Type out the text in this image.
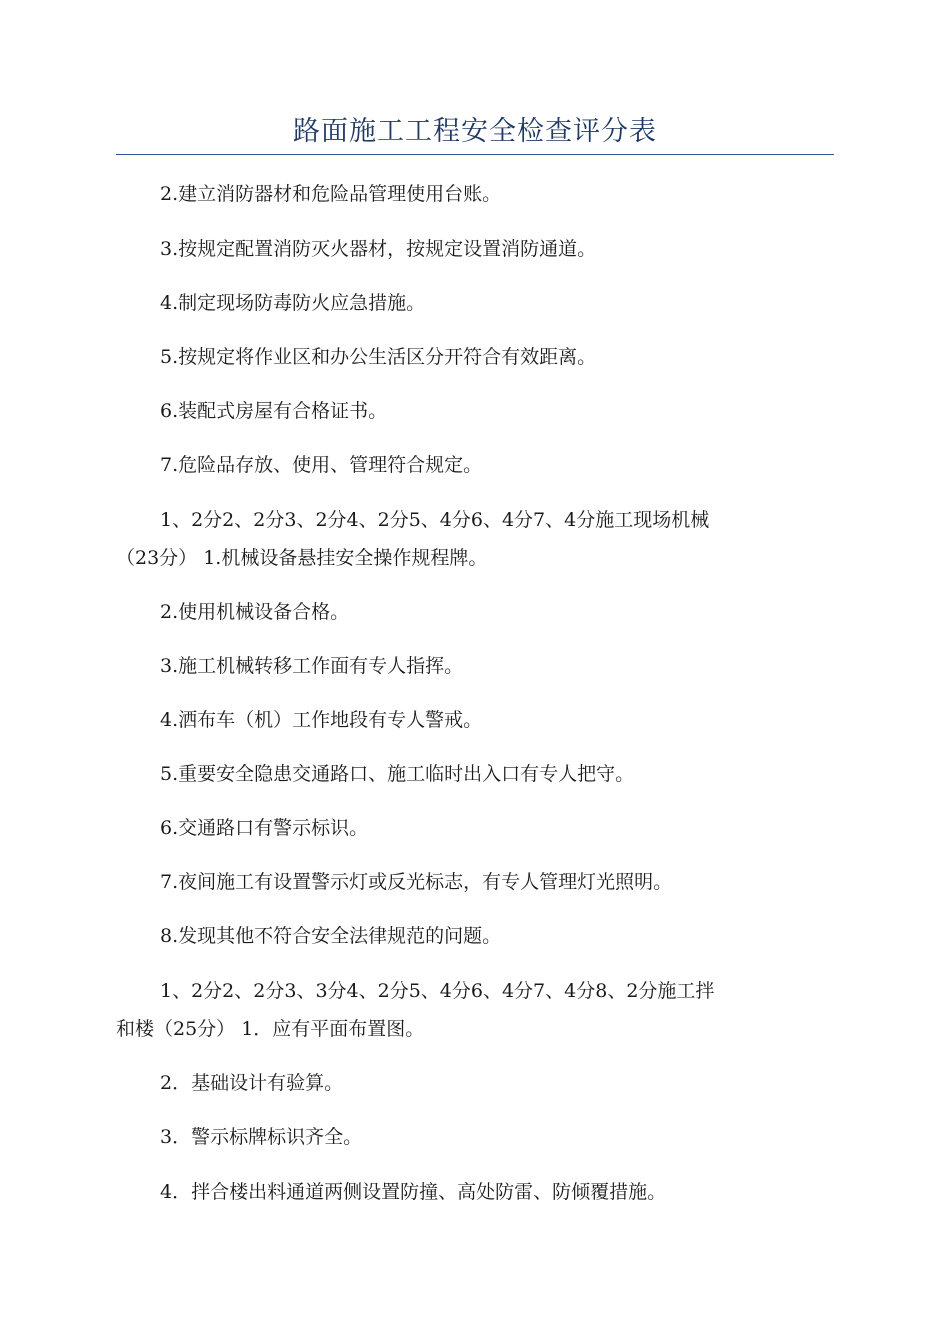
路面施工工程安全检查评分表
2.建立消防器材和危险品管理使用台账。
3.按规定配置消防灭火器材，按规定设置消防通道。
4.制定现场防毒防火应急措施。
5.按规定将作业区和办公生活区分开符合有效距离。
6.装配式房屋有合格证书。
7.危险品存放、使用、管理符合规定。
1、2分2、2分3、2分4、2分5、4分6、4分7、4分施工现场机械
（23分） 1.机械设备悬挂安全操作规程牌。
2.使用机械设备合格。
3.施工机械转移工作面有专人指挥。
4.洒布车（机）工作地段有专人警戒。
5.重要安全隐患交通路口、施工临时出入口有专人把守。
6.交通路口有警示标识。
7.夜间施工有设置警示灯或反光标志，有专人管理灯光照明。
8.发现其他不符合安全法律规范的问题。
1、2分2、2分3、3分4、2分5、4分6、4分7、4分8、2分施工拌
和楼（25分） 1．应有平面布置图。
2．基础设计有验算。
3．警示标牌标识齐全。
4．拌合楼出料通道两侧设置防撞、高处防雷、防倾覆措施。
